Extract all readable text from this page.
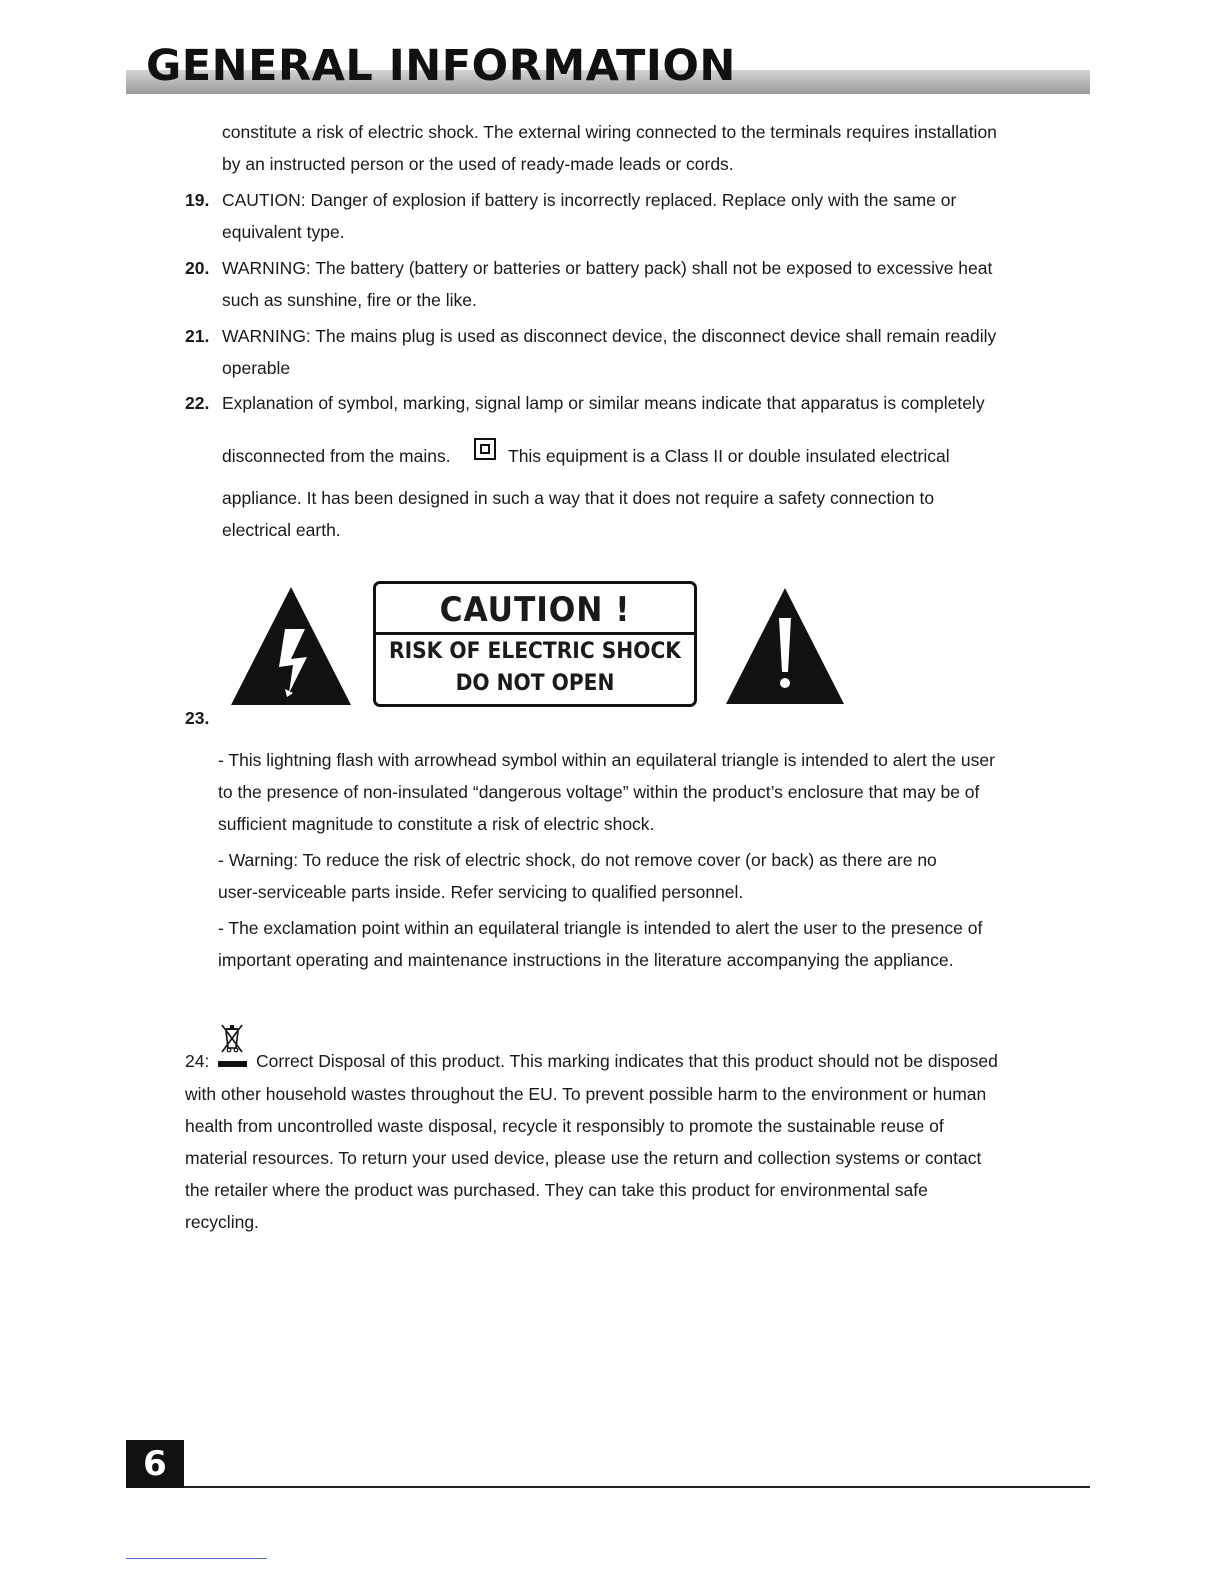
GENERAL INFORMATION
constitute a risk of electric shock. The external wiring connected to the terminals requires installation
by an instructed person or the used of ready-made leads or cords.
19. CAUTION: Danger of explosion if battery is incorrectly replaced. Replace only with the same or
equivalent type.
20. WARNING: The battery (battery or batteries or battery pack) shall not be exposed to excessive heat
such as sunshine, fire or the like.
21. WARNING: The mains plug is used as disconnect device, the disconnect device shall remain readily
operable
22. Explanation of symbol, marking, signal lamp or similar means indicate that apparatus is completely
disconnected from the mains.	This equipment is a Class II or double insulated electrical
appliance. It has been designed in such a way that it does not require a safety connection to
electrical earth.
CAUTION !
RISK OF ELECTRIC SHOCK
DO NOT OPEN
23.
- This lightning flash with arrowhead symbol within an equilateral triangle is intended to alert the user
to the presence of non-insulated “dangerous voltage” within the product’s enclosure that may be of
sufficient magnitude to constitute a risk of electric shock.
- Warning: To reduce the risk of electric shock, do not remove cover (or back) as there are no
user-serviceable parts inside. Refer servicing to qualified personnel.
- The exclamation point within an equilateral triangle is intended to alert the user to the presence of
important operating and maintenance instructions in the literature accompanying the appliance.
24:	Correct Disposal of this product. This marking indicates that this product should not be disposed
with other household wastes throughout the EU. To prevent possible harm to the environment or human
health from uncontrolled waste disposal, recycle it responsibly to promote the sustainable reuse of
material resources. To return your used device, please use the return and collection systems or contact
the retailer where the product was purchased. They can take this product for environmental safe
recycling.
6
